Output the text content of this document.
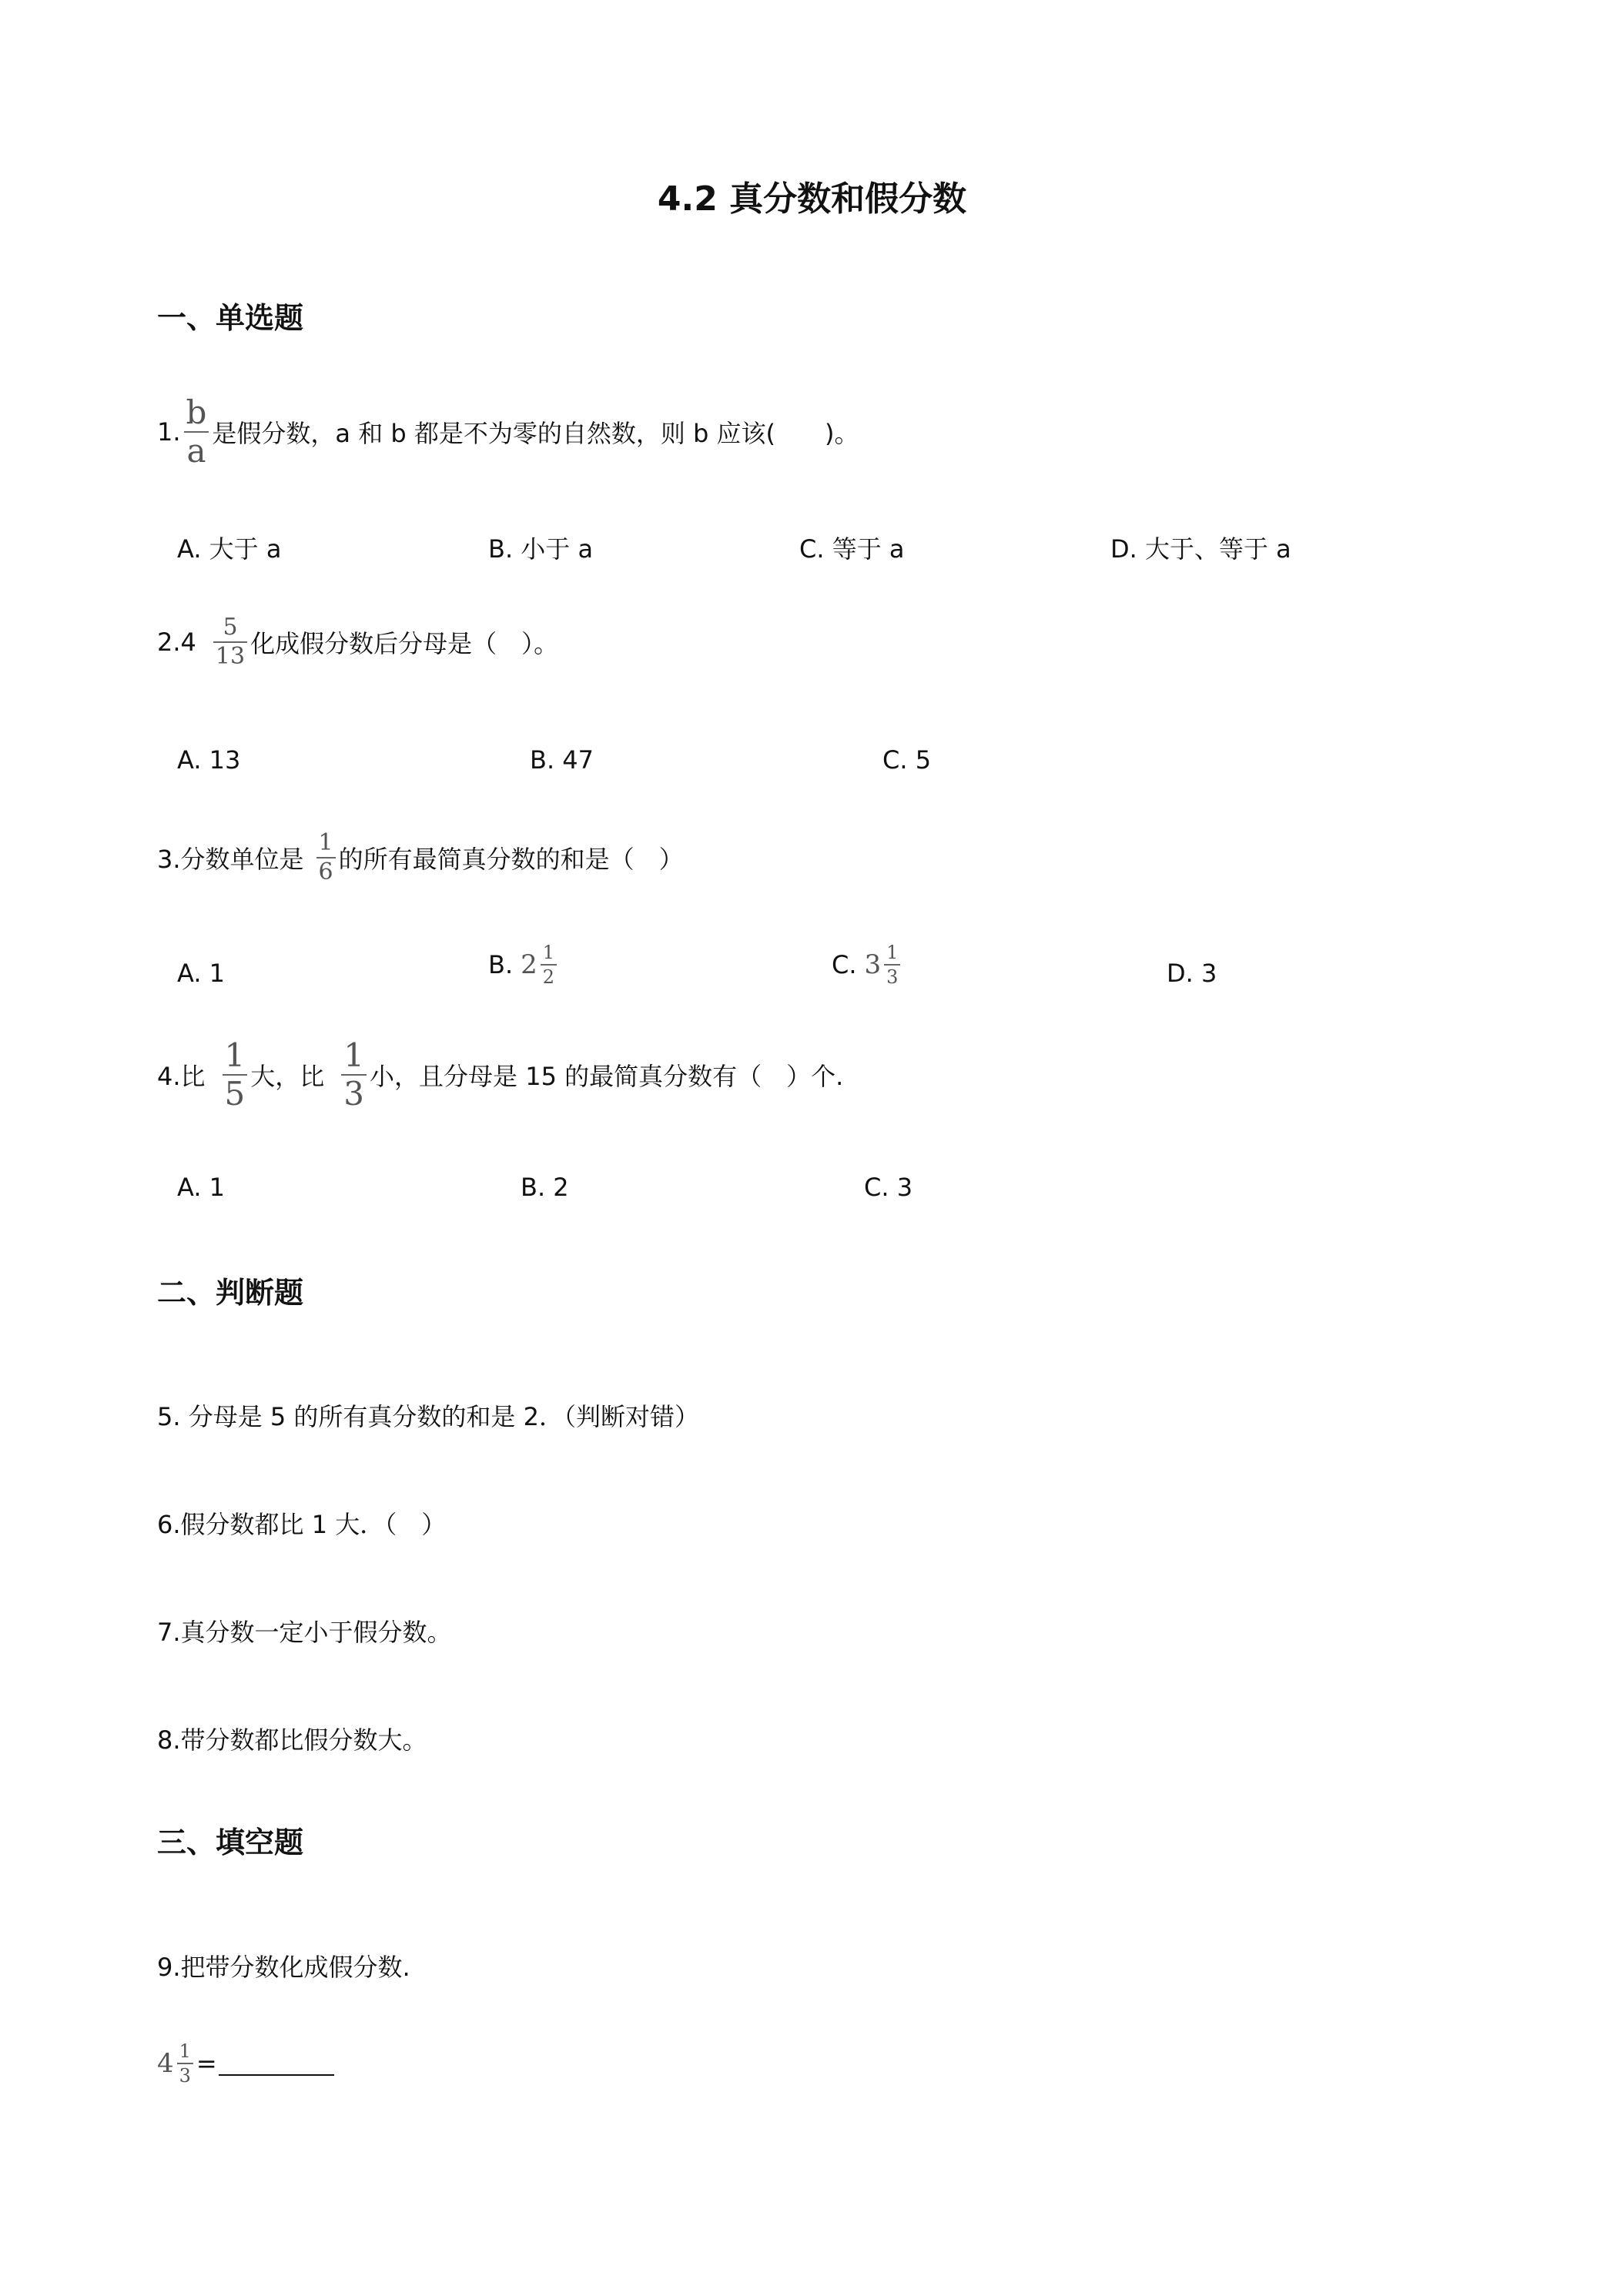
4.2 真分数和假分数
一、单选题
1. $\frac{b}{a}$ 是假分数，a 和 b 都是不为零的自然数，则 b 应该(　　)。
A. 大于 a	B. 小于 a	C. 等于 a	D. 大于、等于 a
$2.4 \frac{5}{13}$ 化成假分数后分母是（　）。
A. 13	B. 47	C. 5
3.分数单位是 $\frac{1}{6}$ 的所有最简真分数的和是（　）
A. 1	B. $2 \frac{1}{2}$	C. $3 \frac{1}{3}$	D. 3
4.比 $\frac{1}{5}$ 大，比 $\frac{1}{3}$ 小，且分母是 15 的最简真分数有（　）个.
A. 1	B. 2	C. 3
二、判断题
5. 分母是 5 的所有真分数的和是 2．（判断对错）
6.假分数都比 1 大．（　）
7.真分数一定小于假分数。
8.带分数都比假分数大。
三、填空题
9.把带分数化成假分数.
$4 \frac{1}{3}$ =
